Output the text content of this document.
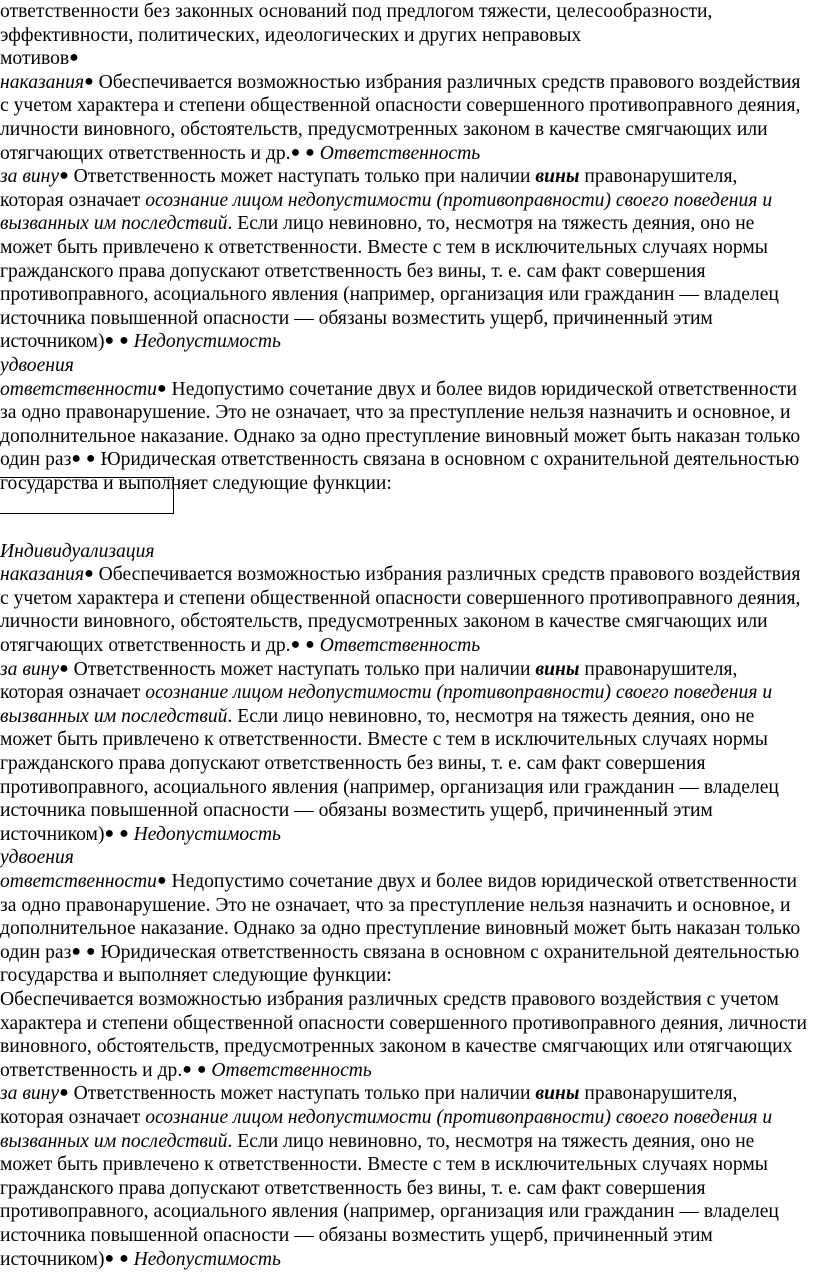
ответственности без законных оснований под предлогом тяжести, целесообразности,
эффективности, политических, идеологических и других неправовых
мотивов●
наказания● Обеспечивается возможностью избрания различных средств правового воздействия
с учетом характера и степени общественной опасности совершенного противоправного деяния,
личности виновного, обстоятельств, предусмотренных законом в качестве смягчающих или
отягчающих ответственность и др.● ● Ответственность
за вину● Ответственность может наступать только при наличии вины правонарушителя,
которая означает осознание лицом недопустимости (противоправности) своего поведения и
вызванных им последствий. Если лицо невиновно, то, несмотря на тяжесть деяния, оно не
может быть привлечено к ответственности. Вместе с тем в исключительных случаях нормы
гражданского права допускают ответственность без вины, т. е. сам факт совершения
противоправного, асоциального явления (например, организация или гражданин — владелец
источника повышенной опасности — обязаны возместить ущерб, причиненный этим
источником)● ● Недопустимость
удвоения
ответственности● Недопустимо сочетание двух и более видов юридической ответственности
за одно правонарушение. Это не означает, что за преступление нельзя назначить и основное, и
дополнительное наказание. Однако за одно преступление виновный может быть наказан только
один раз● ● Юридическая ответственность связана в основном с охранительной деятельностью
государства и выполняет следующие функции:
Индивидуализация
наказания● Обеспечивается возможностью избрания различных средств правового воздействия
с учетом характера и степени общественной опасности совершенного противоправного деяния,
личности виновного, обстоятельств, предусмотренных законом в качестве смягчающих или
отягчающих ответственность и др.● ● Ответственность
за вину● Ответственность может наступать только при наличии вины правонарушителя,
которая означает осознание лицом недопустимости (противоправности) своего поведения и
вызванных им последствий. Если лицо невиновно, то, несмотря на тяжесть деяния, оно не
может быть привлечено к ответственности. Вместе с тем в исключительных случаях нормы
гражданского права допускают ответственность без вины, т. е. сам факт совершения
противоправного, асоциального явления (например, организация или гражданин — владелец
источника повышенной опасности — обязаны возместить ущерб, причиненный этим
источником)● ● Недопустимость
удвоения
ответственности● Недопустимо сочетание двух и более видов юридической ответственности
за одно правонарушение. Это не означает, что за преступление нельзя назначить и основное, и
дополнительное наказание. Однако за одно преступление виновный может быть наказан только
один раз● ● Юридическая ответственность связана в основном с охранительной деятельностью
государства и выполняет следующие функции:
Обеспечивается возможностью избрания различных средств правового воздействия с учетом
характера и степени общественной опасности совершенного противоправного деяния, личности
виновного, обстоятельств, предусмотренных законом в качестве смягчающих или отягчающих
ответственность и др.● ● Ответственность
за вину● Ответственность может наступать только при наличии вины правонарушителя,
которая означает осознание лицом недопустимости (противоправности) своего поведения и
вызванных им последствий. Если лицо невиновно, то, несмотря на тяжесть деяния, оно не
может быть привлечено к ответственности. Вместе с тем в исключительных случаях нормы
гражданского права допускают ответственность без вины, т. е. сам факт совершения
противоправного, асоциального явления (например, организация или гражданин — владелец
источника повышенной опасности — обязаны возместить ущерб, причиненный этим
источником)● ● Недопустимость
